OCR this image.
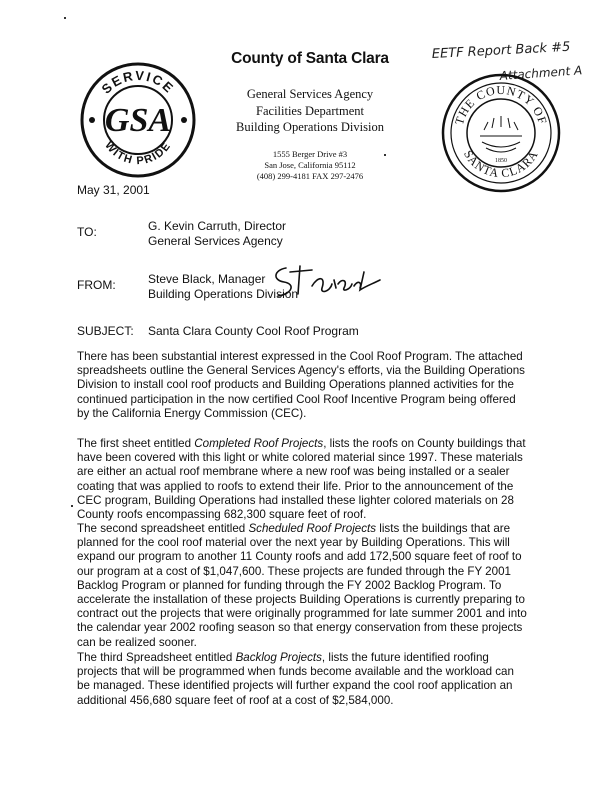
SERVICE
WITH PRIDE
GSA
County of Santa Clara
General Services Agency
Facilities Department
Building Operations Division
1555 Berger Drive #3
San Jose, California 95112
(408) 299-4181 FAX 297-2476
EETF Report Back #5
Attachment A
THE COUNTY OF
SANTA CLARA
1850
May 31, 2001
TO:	G. Kevin Carruth, Director
General Services Agency
FROM:	Steve Black, Manager
Building Operations Division
SUBJECT: Santa Clara County Cool Roof Program
There has been substantial interest expressed in the Cool Roof Program. The attached
spreadsheets outline the General Services Agency's efforts, via the Building Operations
Division to install cool roof products and Building Operations planned activities for the
continued participation in the now certified Cool Roof Incentive Program being offered
by the California Energy Commission (CEC).
The first sheet entitled Completed Roof Projects, lists the roofs on County buildings that
have been covered with this light or white colored material since 1997. These materials
are either an actual roof membrane where a new roof was being installed or a sealer
coating that was applied to roofs to extend their life. Prior to the announcement of the
CEC program, Building Operations had installed these lighter colored materials on 28
County roofs encompassing 682,300 square feet of roof.
The second spreadsheet entitled Scheduled Roof Projects lists the buildings that are
planned for the cool roof material over the next year by Building Operations. This will
expand our program to another 11 County roofs and add 172,500 square feet of roof to
our program at a cost of $1,047,600. These projects are funded through the FY 2001
Backlog Program or planned for funding through the FY 2002 Backlog Program. To
accelerate the installation of these projects Building Operations is currently preparing to
contract out the projects that were originally programmed for late summer 2001 and into
the calendar year 2002 roofing season so that energy conservation from these projects
can be realized sooner.
The third Spreadsheet entitled Backlog Projects, lists the future identified roofing
projects that will be programmed when funds become available and the workload can
be managed. These identified projects will further expand the cool roof application an
additional 456,680 square feet of roof at a cost of $2,584,000.
